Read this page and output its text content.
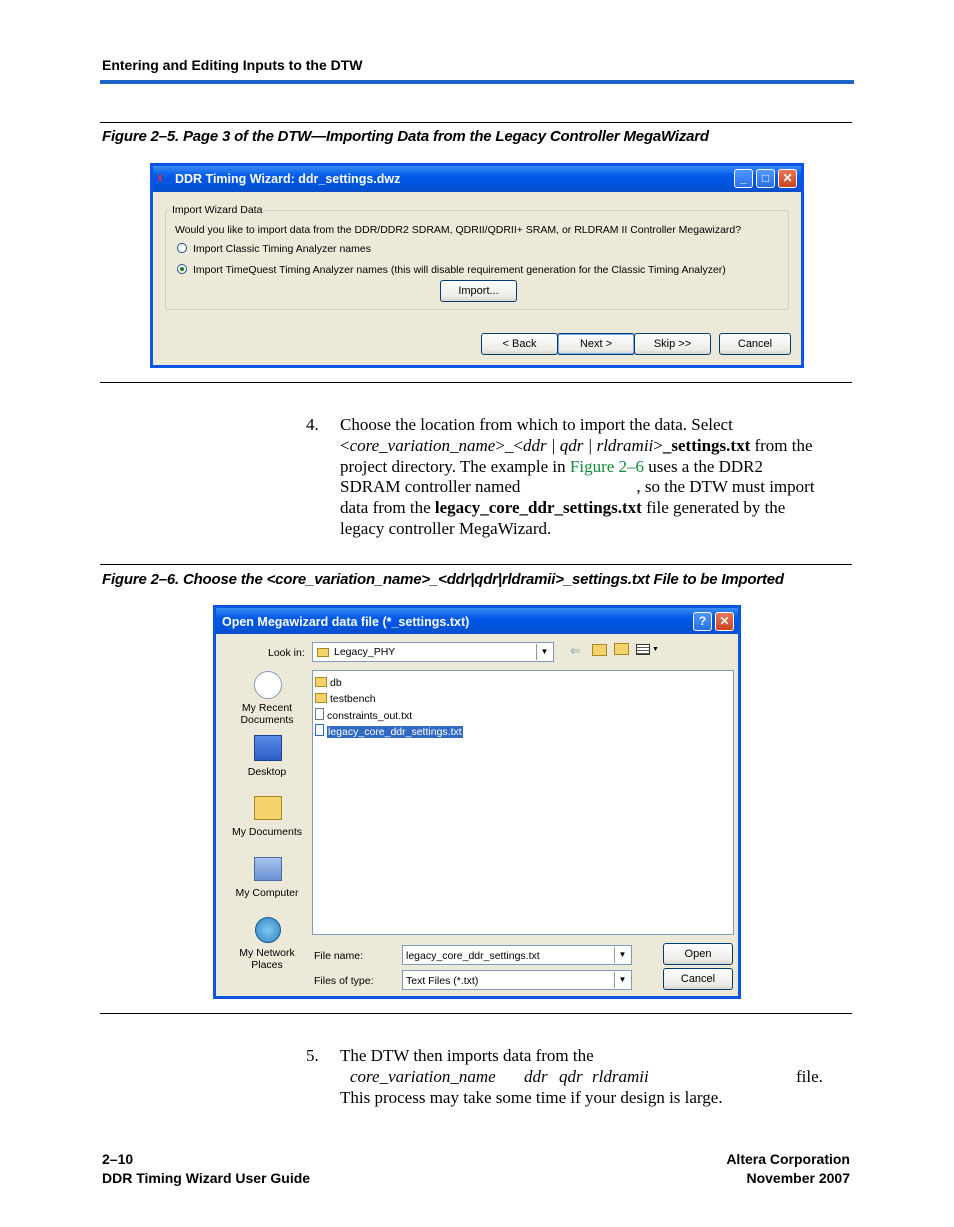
Entering and Editing Inputs to the DTW
Figure 2–5. Page 3 of the DTW—Importing Data from the Legacy Controller MegaWizard
☓ DDR Timing Wizard: ddr_settings.dwz	_	□	✕
Import Wizard Data
Would you like to import data from the DDR/DDR2 SDRAM, QDRII/QDRII+ SRAM, or RLDRAM II Controller Megawizard?
Import Classic Timing Analyzer names
Import TimeQuest Timing Analyzer names (this will disable requirement generation for the Classic Timing Analyzer)
Import...
< Back	Next >	Skip >>	Cancel
4. Choose the location from which to import the data. Select
<core_variation_name>_<ddr | qdr | rldramii>_settings.txt from the
project directory. The example in Figure 2–6 uses a the DDR2
SDRAM controller named	, so the DTW must import
data from the legacy_core_ddr_settings.txt file generated by the
legacy controller MegaWizard.
Figure 2–6. Choose the <core_variation_name>_<ddr|qdr|rldramii>_settings.txt File to be Imported
Open Megawizard data file (*_settings.txt)	?	✕
Look in:	Legacy_PHY	▼ ⇐	▼
My Recent Documents
Desktop
My Documents
My Computer
My Network Places
db
testbench
constraints_out.txt
legacy_core_ddr_settings.txt
File name:	legacy_core_ddr_settings.txt	▼
Files of type:	Text Files (*.txt)	▼
Open
Cancel
5. The DTW then imports data from the
core_variation_name ddr qdr rldramii	file.
This process may take some time if your design is large.
2–10
DDR Timing Wizard User Guide
Altera Corporation
November 2007
